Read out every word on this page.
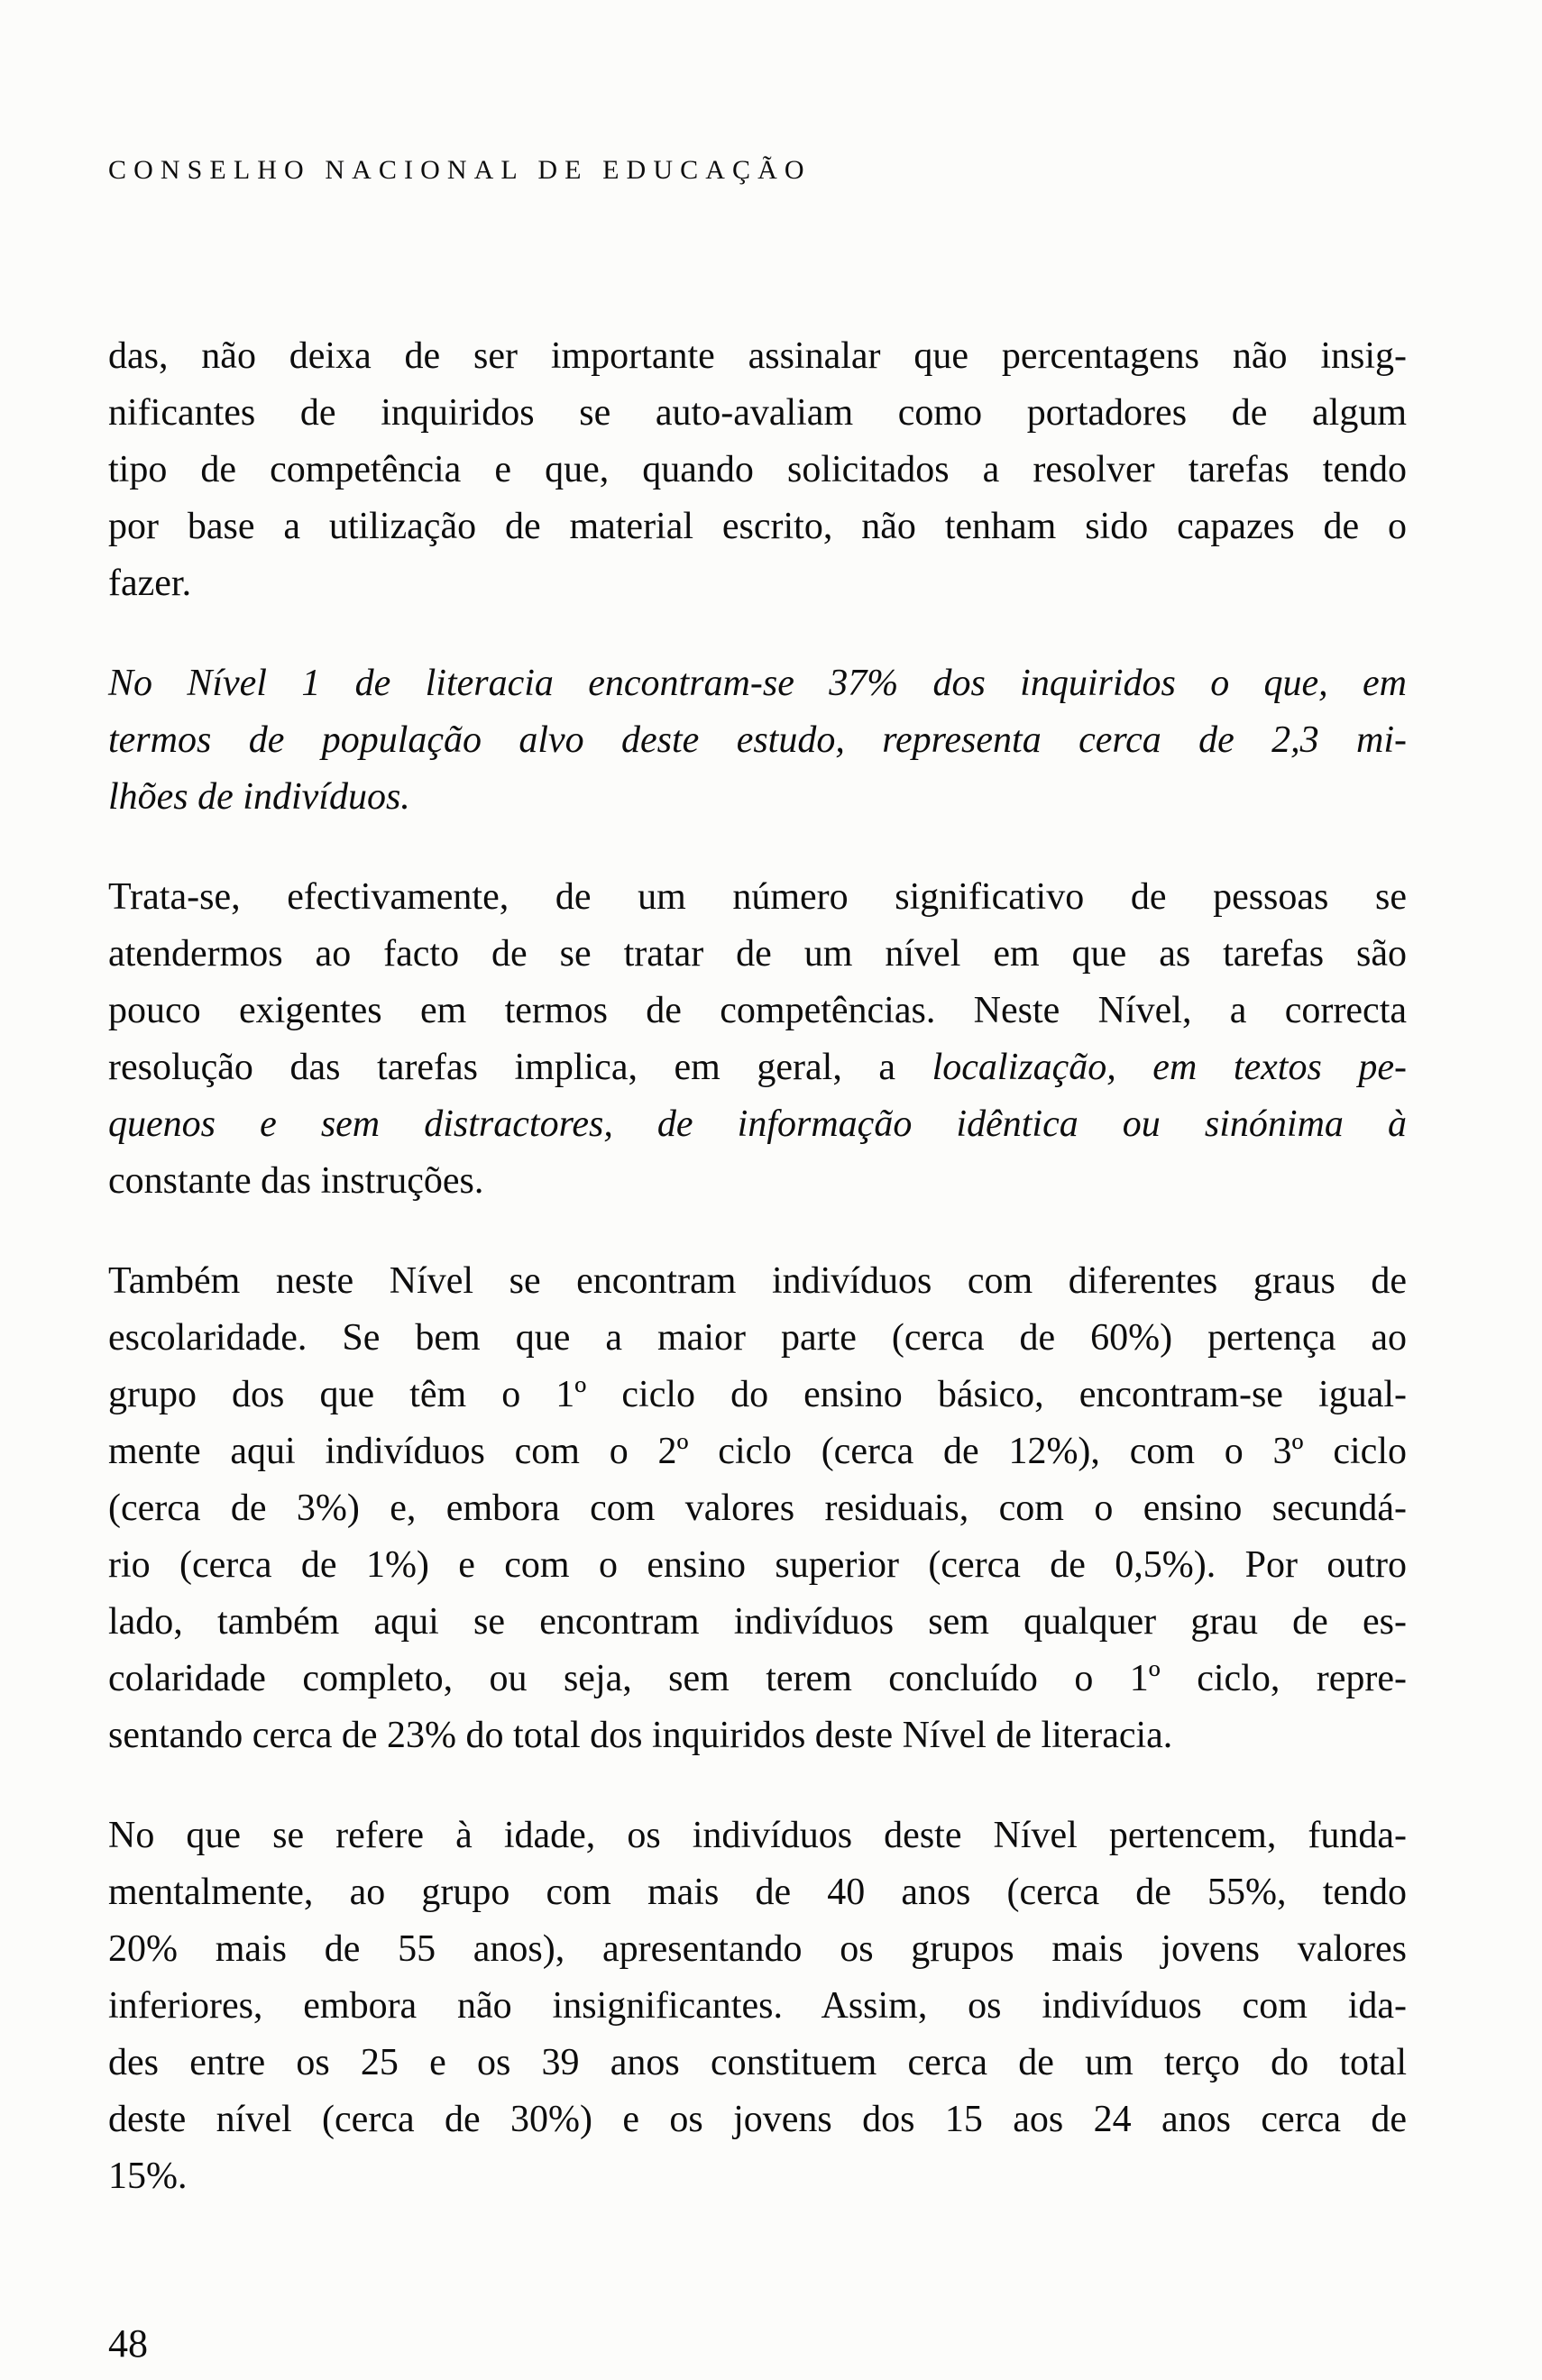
CONSELHO NACIONAL DE EDUCAÇÃO
das, não deixa de ser importante assinalar que percentagens não insig-
nificantes de inquiridos se auto-avaliam como portadores de algum
tipo de competência e que, quando solicitados a resolver tarefas tendo
por base a utilização de material escrito, não tenham sido capazes de o
fazer.
No Nível 1 de literacia encontram-se 37% dos inquiridos o que, em
termos de população alvo deste estudo, representa cerca de 2,3 mi-
lhões de indivíduos.
Trata-se, efectivamente, de um número significativo de pessoas se
atendermos ao facto de se tratar de um nível em que as tarefas são
pouco exigentes em termos de competências. Neste Nível, a correcta
resolução das tarefas implica, em geral, a localização, em textos pe-
quenos e sem distractores, de informação idêntica ou sinónima à
constante das instruções.
Também neste Nível se encontram indivíduos com diferentes graus de
escolaridade. Se bem que a maior parte (cerca de 60%) pertença ao
grupo dos que têm o 1º ciclo do ensino básico, encontram-se igual-
mente aqui indivíduos com o 2º ciclo (cerca de 12%), com o 3º ciclo
(cerca de 3%) e, embora com valores residuais, com o ensino secundá-
rio (cerca de 1%) e com o ensino superior (cerca de 0,5%). Por outro
lado, também aqui se encontram indivíduos sem qualquer grau de es-
colaridade completo, ou seja, sem terem concluído o 1º ciclo, repre-
sentando cerca de 23% do total dos inquiridos deste Nível de literacia.
No que se refere à idade, os indivíduos deste Nível pertencem, funda-
mentalmente, ao grupo com mais de 40 anos (cerca de 55%, tendo
20% mais de 55 anos), apresentando os grupos mais jovens valores
inferiores, embora não insignificantes. Assim, os indivíduos com ida-
des entre os 25 e os 39 anos constituem cerca de um terço do total
deste nível (cerca de 30%) e os jovens dos 15 aos 24 anos cerca de
15%.
48
